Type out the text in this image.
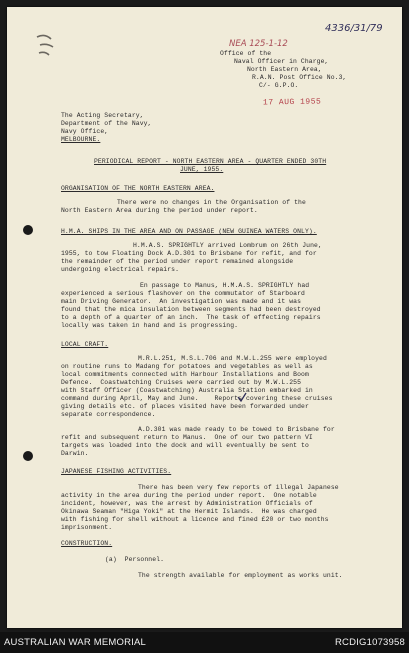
4336/31/79
NEA 125-1-12
Office of the
Naval Officer in Charge,
North Eastern Area,
R.A.N. Post Office No.3,
C/- G.P.O.
17 AUG 1955
The Acting Secretary,
Department of the Navy,
Navy Office,
MELBOURNE.
PERIODICAL REPORT - NORTH EASTERN AREA - QUARTER ENDED 30TH
JUNE, 1955.
ORGANISATION OF THE NORTH EASTERN AREA.
There were no changes in the Organisation of the
North Eastern Area during the period under report.
H.M.A. SHIPS IN THE AREA AND ON PASSAGE (NEW GUINEA WATERS ONLY).
H.M.A.S. SPRIGHTLY arrived Lombrum on 26th June,
1955, to tow Floating Dock A.D.301 to Brisbane for refit, and for
the remainder of the period under report remained alongside
undergoing electrical repairs.
En passage to Manus, H.M.A.S. SPRIGHTLY had
experienced a serious flashover on the commutator of Starboard
main Driving Generator.  An investigation was made and it was
found that the mica insulation between segments had been destroyed
to a depth of a quarter of an inch.  The task of effecting repairs
locally was taken in hand and is progressing.
LOCAL CRAFT.
M.R.L.251, M.S.L.706 and M.W.L.255 were employed
on routine runs to Madang for potatoes and vegetables as well as
local commitments connected with Harbour Installations and Boom
Defence.  Coastwatching Cruises were carried out by M.W.L.255
with Staff Officer (Coastwatching) Australia Station embarked in
command during April, May and June.    Reports covering these cruises
giving details etc. of places visited have been forwarded under
separate correspondence.
A.D.301 was made ready to be towed to Brisbane for
refit and subsequent return to Manus.  One of our two pattern VI
targets was loaded into the dock and will eventually be sent to
Darwin.
JAPANESE FISHING ACTIVITIES.
There has been very few reports of illegal Japanese
activity in the area during the period under report.  One notable
incident, however, was the arrest by Administration Officials of
Okinawa Seaman "Higa Yoki" at the Hermit Islands.  He was charged
with fishing for shell without a licence and fined £20 or two months
imprisonment.
CONSTRUCTION.
(a)  Personnel.
The strength available for employment as works unit.
AUSTRALIAN WAR MEMORIAL	RCDIG1073958
